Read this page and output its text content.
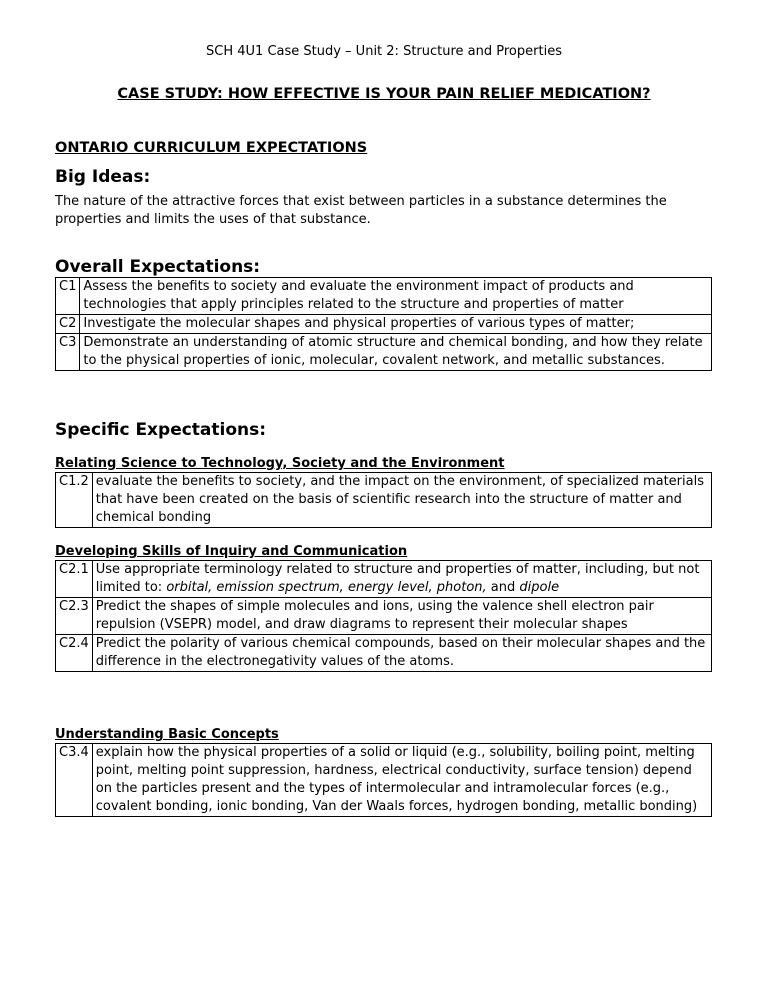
SCH 4U1 Case Study – Unit 2: Structure and Properties
CASE STUDY: HOW EFFECTIVE IS YOUR PAIN RELIEF MEDICATION?
ONTARIO CURRICULUM EXPECTATIONS
Big Ideas:
The nature of the attractive forces that exist between particles in a substance determines the properties and limits the uses of that substance.
Overall Expectations:
C1	Assess the benefits to society and evaluate the environment impact of products and technologies that apply principles related to the structure and properties of matter
C2	Investigate the molecular shapes and physical properties of various types of matter;
C3	Demonstrate an understanding of atomic structure and chemical bonding, and how they relate to the physical properties of ionic, molecular, covalent network, and metallic substances.
Specific Expectations:
Relating Science to Technology, Society and the Environment
C1.2	evaluate the benefits to society, and the impact on the environment, of specialized materials that have been created on the basis of scientific research into the structure of matter and chemical bonding
Developing Skills of Inquiry and Communication
C2.1	Use appropriate terminology related to structure and properties of matter, including, but not limited to: orbital, emission spectrum, energy level, photon, and dipole
C2.3	Predict the shapes of simple molecules and ions, using the valence shell electron pair repulsion (VSEPR) model, and draw diagrams to represent their molecular shapes
C2.4	Predict the polarity of various chemical compounds, based on their molecular shapes and the difference in the electronegativity values of the atoms.
Understanding Basic Concepts
C3.4	explain how the physical properties of a solid or liquid (e.g., solubility, boiling point, melting point, melting point suppression, hardness, electrical conductivity, surface tension) depend on the particles present and the types of intermolecular and intramolecular forces (e.g., covalent bonding, ionic bonding, Van der Waals forces, hydrogen bonding, metallic bonding)
